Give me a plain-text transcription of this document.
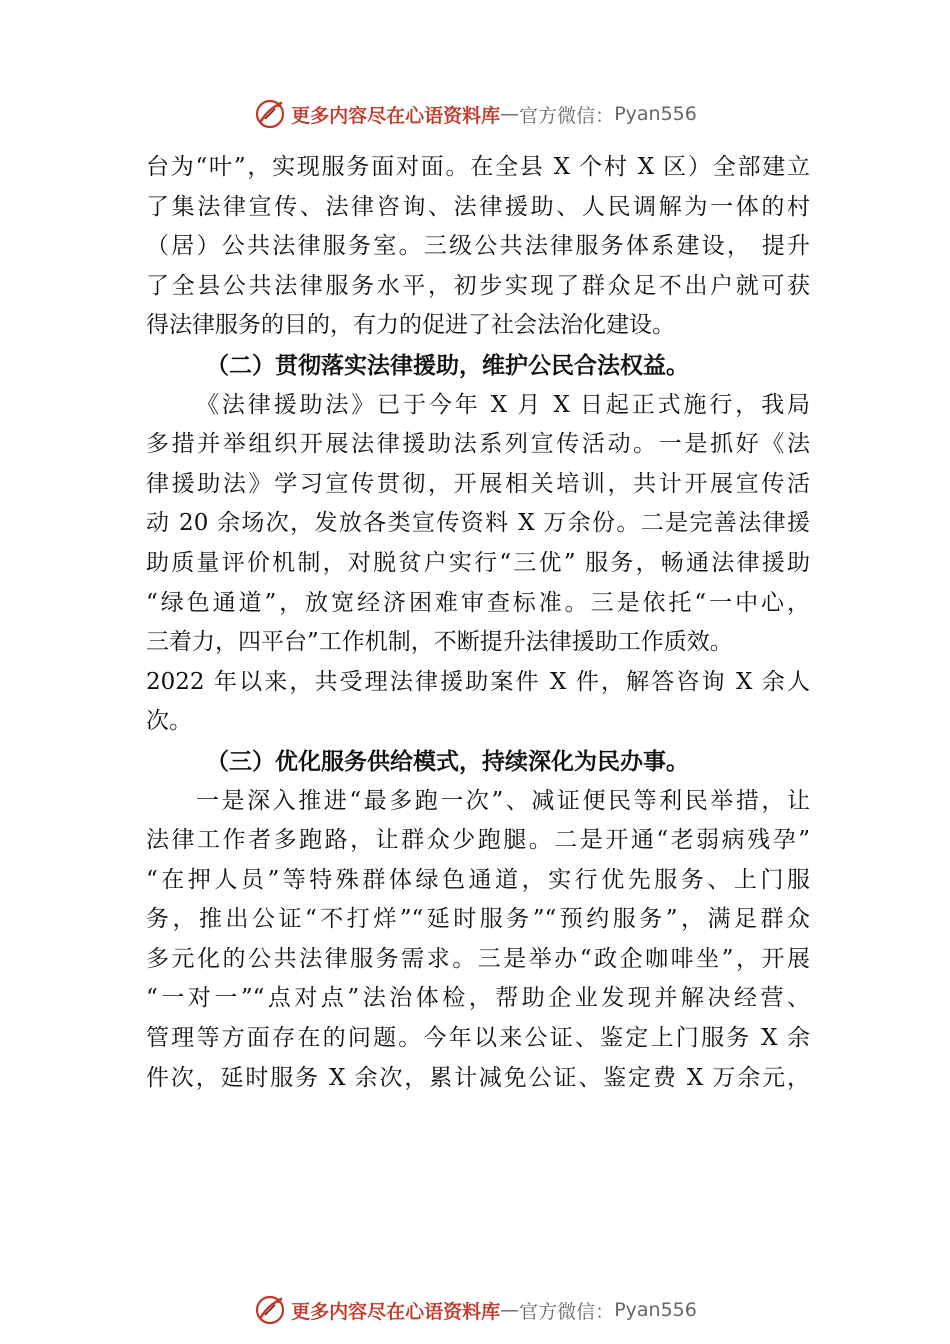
更多内容尽在心语资料库 — 官方微信： Pyan556
台为“叶”，实现服务面对面。在全县 X 个村 X 区）全部建立
了集法律宣传、法律咨询、法律援助、人民调解为一体的村
（居）公共法律服务室。三级公共法律服务体系建设， 提升
了全县公共法律服务水平，初步实现了群众足不出户就可获
得法律服务的目的，有力的促进了社会法治化建设。
（二）贯彻落实法律援助，维护公民合法权益。
《法律援助法》已于今年 X 月 X 日起正式施行，我局
多措并举组织开展法律援助法系列宣传活动。一是抓好《法
律援助法》学习宣传贯彻，开展相关培训，共计开展宣传活
动 20 余场次，发放各类宣传资料 X 万余份。二是完善法律援
助质量评价机制，对脱贫户实行“三优” 服务，畅通法律援助
“绿色通道”，放宽经济困难审查标准。三是依托“一中心，
三着力，四平台”工作机制，不断提升法律援助工作质效。
2022 年以来，共受理法律援助案件 X 件，解答咨询 X 余人
次。
（三）优化服务供给模式，持续深化为民办事。
一是深入推进“最多跑一次”、减证便民等利民举措，让
法律工作者多跑路，让群众少跑腿。二是开通“老弱病残孕”
“在押人员”等特殊群体绿色通道，实行优先服务、上门服
务，推出公证“不打烊”“延时服务”“预约服务”，满足群众
多元化的公共法律服务需求。三是举办“政企咖啡坐”，开展
“一对一”“点对点”法治体检，帮助企业发现并解决经营、
管理等方面存在的问题。今年以来公证、鉴定上门服务 X 余
件次，延时服务 X 余次，累计减免公证、鉴定费 X 万余元，
更多内容尽在心语资料库 — 官方微信： Pyan556
